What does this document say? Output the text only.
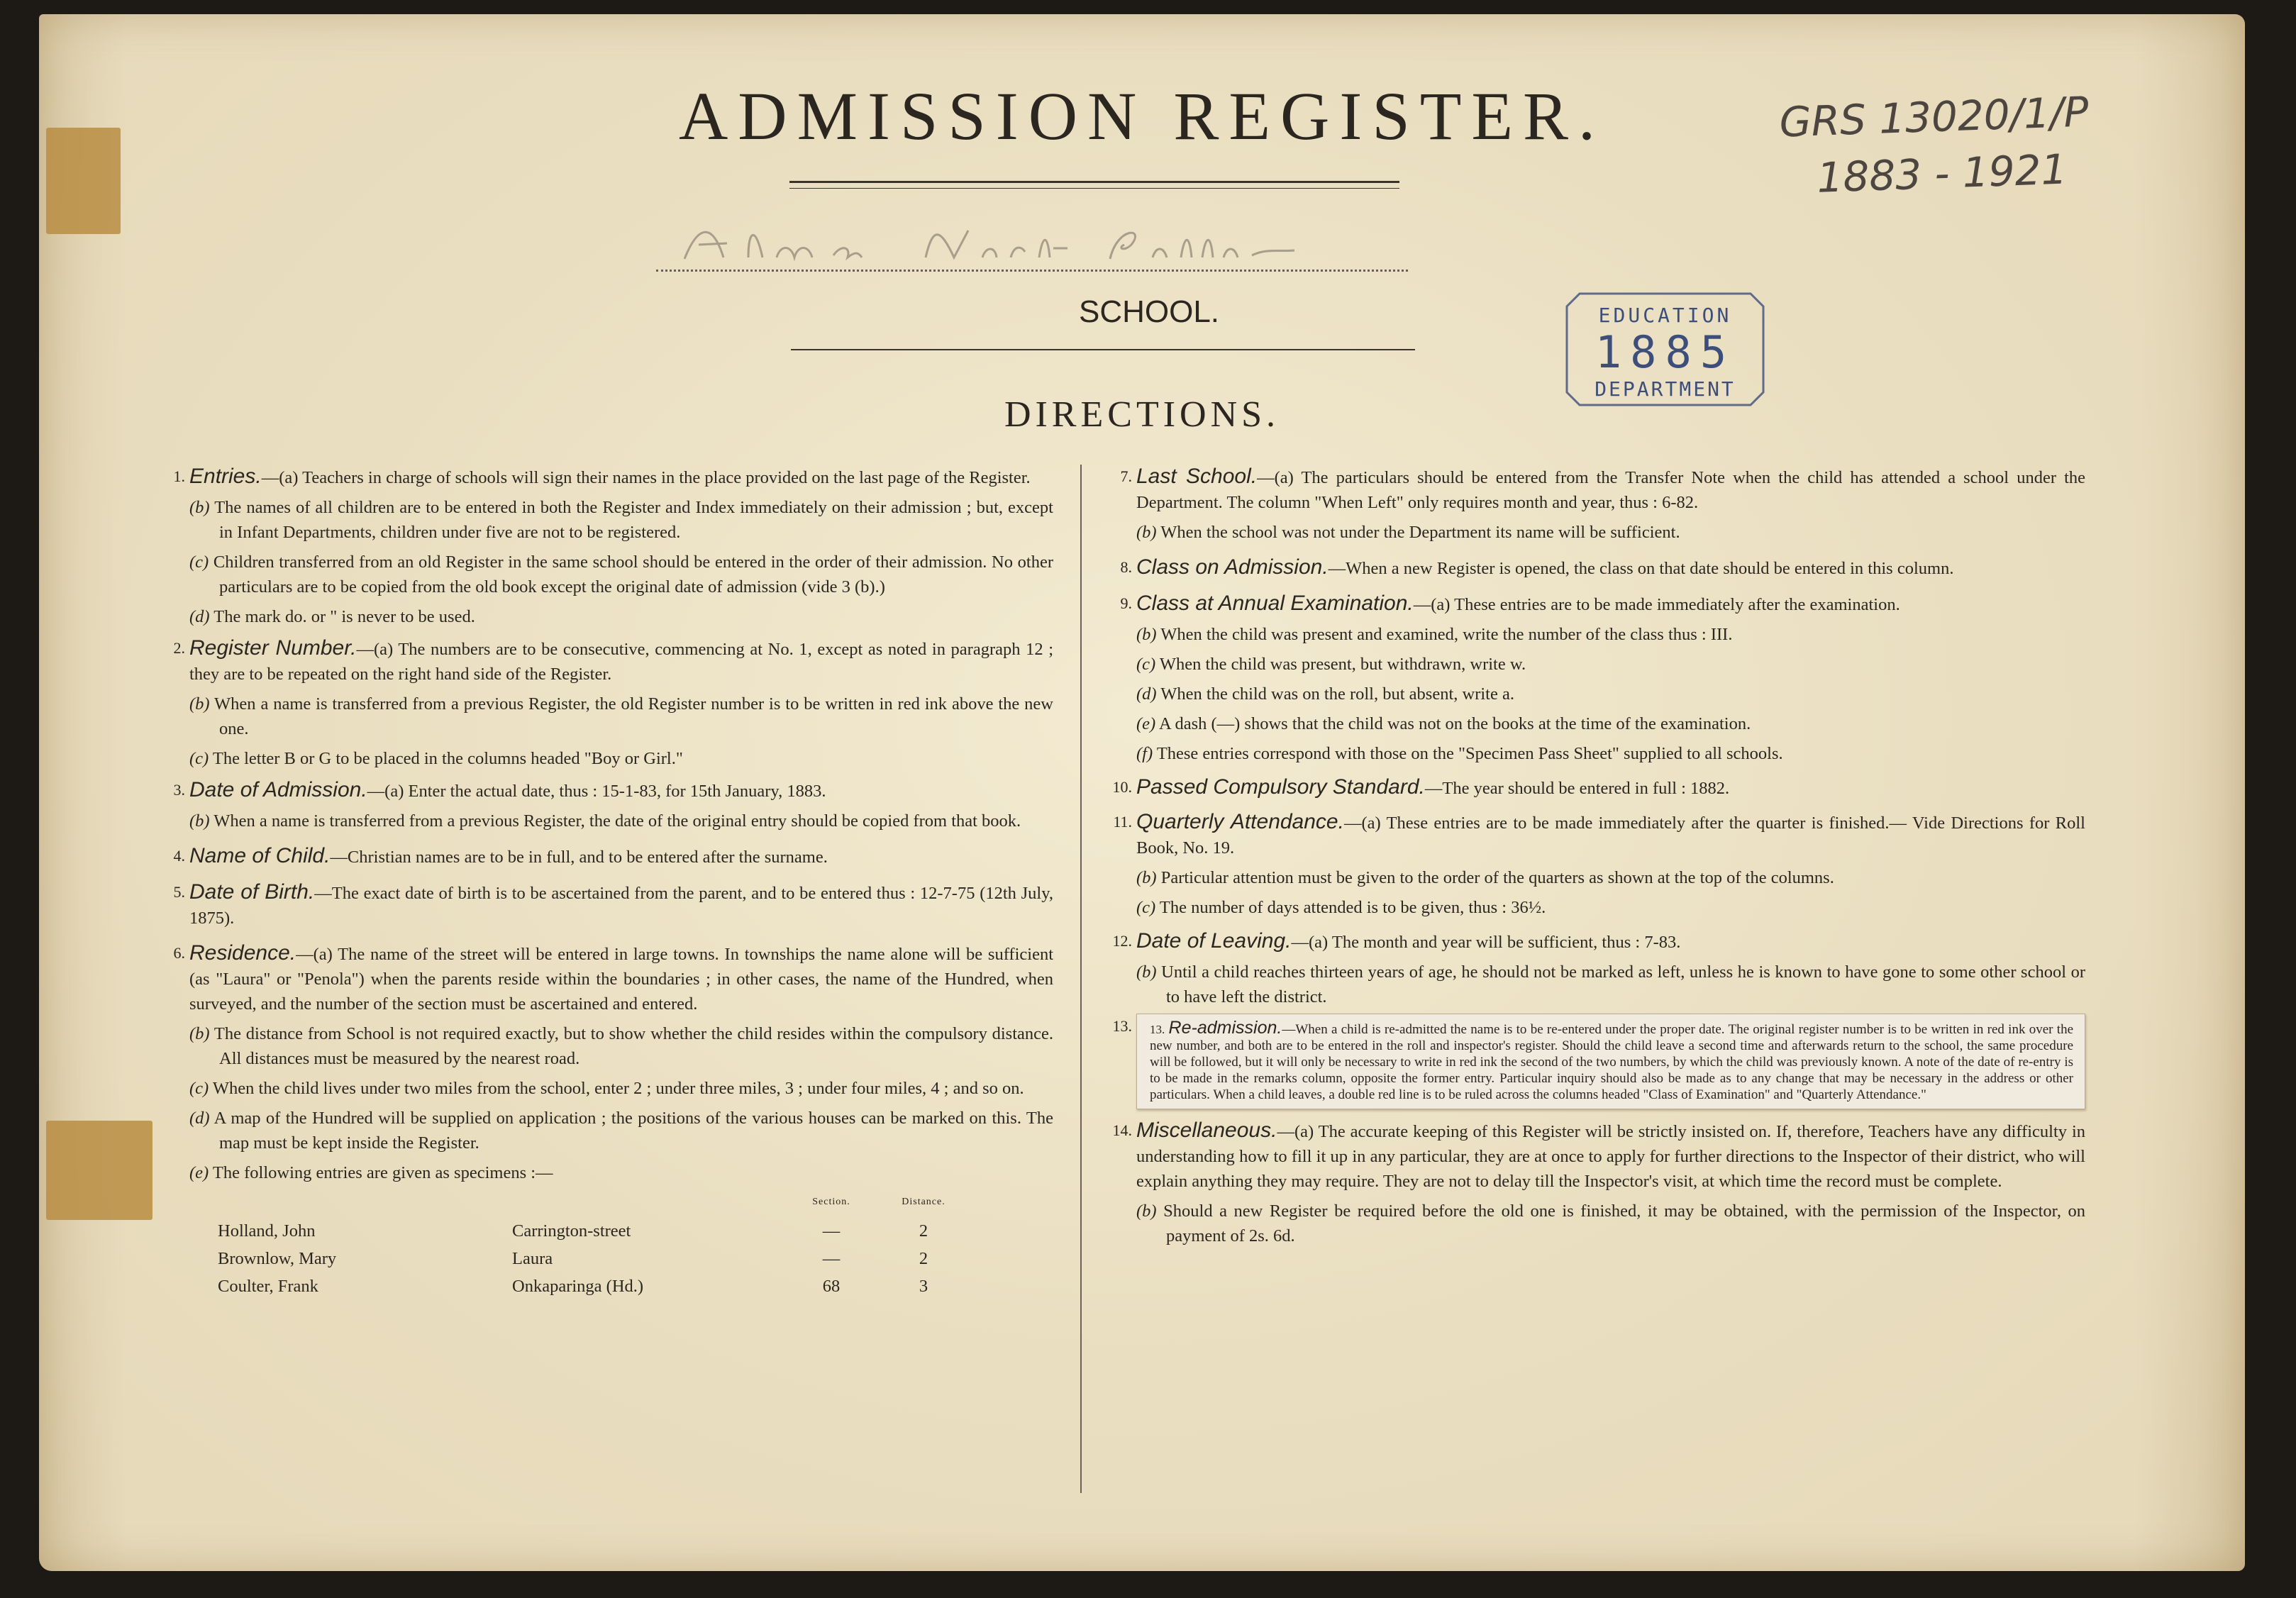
ADMISSION REGISTER.	GRS 13020/1/P
1883 - 1921
SCHOOL.	EDUCATION
1885
DEPARTMENT
DIRECTIONS.
1. Entries.—(a) Teachers in charge of schools will sign their names in the place provided on the last page of the Register.
(b) The names of all children are to be entered in both the Register and Index immediately on their admission ; but, except in Infant Departments, children under five are not to be registered.
(c) Children transferred from an old Register in the same school should be entered in the order of their admission. No other particulars are to be copied from the old book except the original date of admission (vide 3 (b).)
(d) The mark do. or " is never to be used.
2. Register Number.—(a) The numbers are to be consecutive, commencing at No. 1, except as noted in paragraph 12 ; they are to be repeated on the right hand side of the Register.
(b) When a name is transferred from a previous Register, the old Register number is to be written in red ink above the new one.
(c) The letter B or G to be placed in the columns headed "Boy or Girl."
3. Date of Admission.—(a) Enter the actual date, thus : 15-1-83, for 15th January, 1883.
(b) When a name is transferred from a previous Register, the date of the original entry should be copied from that book.
4. Name of Child.—Christian names are to be in full, and to be entered after the surname.
5. Date of Birth.—The exact date of birth is to be ascertained from the parent, and to be entered thus : 12-7-75 (12th July, 1875).
6. Residence.—(a) The name of the street will be entered in large towns. In townships the name alone will be sufficient (as "Laura" or "Penola") when the parents reside within the boundaries ; in other cases, the name of the Hundred, when surveyed, and the number of the section must be ascertained and entered.
(b) The distance from School is not required exactly, but to show whether the child resides within the compulsory distance. All distances must be measured by the nearest road.
(c) When the child lives under two miles from the school, enter 2 ; under three miles, 3 ; under four miles, 4 ; and so on.
(d) A map of the Hundred will be supplied on application ; the positions of the various houses can be marked on this. The map must be kept inside the Register.
(e) The following entries are given as specimens :—
		Section.	Distance.
Holland, John	Carrington-street	—	2
Brownlow, Mary	Laura	—	2
Coulter, Frank	Onkaparinga (Hd.)	68	3
7. Last School.—(a) The particulars should be entered from the Transfer Note when the child has attended a school under the Department. The column "When Left" only requires month and year, thus : 6-82.
(b) When the school was not under the Department its name will be sufficient.
8. Class on Admission.—When a new Register is opened, the class on that date should be entered in this column.
9. Class at Annual Examination.—(a) These entries are to be made immediately after the examination.
(b) When the child was present and examined, write the number of the class thus : III.
(c) When the child was present, but withdrawn, write w.
(d) When the child was on the roll, but absent, write a.
(e) A dash (—) shows that the child was not on the books at the time of the examination.
(f) These entries correspond with those on the "Specimen Pass Sheet" supplied to all schools.
10. Passed Compulsory Standard.—The year should be entered in full : 1882.
11. Quarterly Attendance.—(a) These entries are to be made immediately after the quarter is finished.— Vide Directions for Roll Book, No. 19.
(b) Particular attention must be given to the order of the quarters as shown at the top of the columns.
(c) The number of days attended is to be given, thus : 36½.
12. Date of Leaving.—(a) The month and year will be sufficient, thus : 7-83.
(b) Until a child reaches thirteen years of age, he should not be marked as left, unless he is known to have gone to some other school or to have left the district.
13.	13. Re-admission.—When a child is re-admitted the name is to be re-entered under the proper date. The original register number is to be written in red ink over the new number, and both are to be entered in the roll and inspector's register. Should the child leave a second time and afterwards return to the school, the same procedure will be followed, but it will only be necessary to write in red ink the second of the two numbers, by which the child was previously known. A note of the date of re-entry is to be made in the remarks column, opposite the former entry. Particular inquiry should also be made as to any change that may be necessary in the address or other particulars. When a child leaves, a double red line is to be ruled across the columns headed "Class of Examination" and "Quarterly Attendance."
14. Miscellaneous.—(a) The accurate keeping of this Register will be strictly insisted on. If, therefore, Teachers have any difficulty in understanding how to fill it up in any particular, they are at once to apply for further directions to the Inspector of their district, who will explain anything they may require. They are not to delay till the Inspector's visit, at which time the record must be complete.
(b) Should a new Register be required before the old one is finished, it may be obtained, with the permission of the Inspector, on payment of 2s. 6d.
